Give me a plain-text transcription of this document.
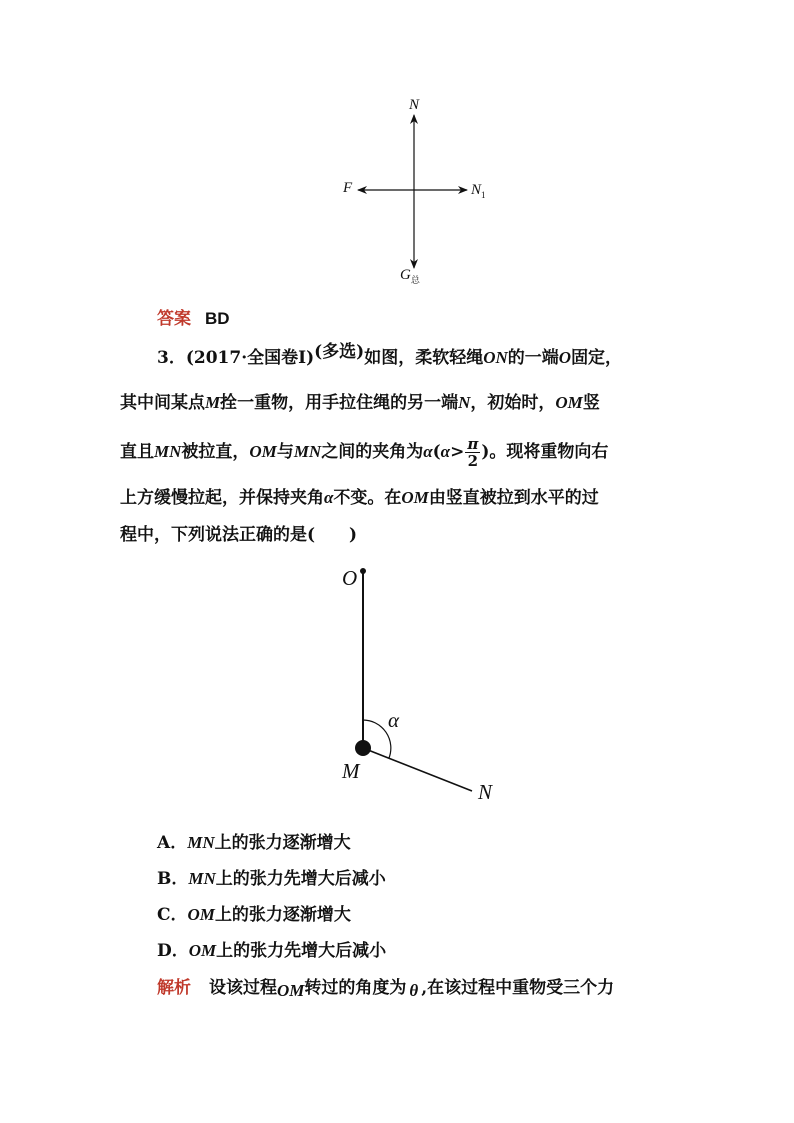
N
F	$N_1$
$G_总$
答案 BD
3．(2017·全国卷Ⅰ)(多选)如图，柔软轻绳ON的一端O固定，
其中间某点M拴一重物，用手拉住绳的另一端N，初始时，OM竖
直且MN被拉直，OM与MN之间的夹角为$\alpha(\alpha> \frac{\pi}{2}$ )。现将重物向右
上方缓慢拉起，并保持夹角α不变。在OM由竖直被拉到水平的过
程中，下列说法正确的是(　　)
O
α
M
N
A．MN上的张力逐渐增大
B．MN上的张力先增大后减小
C．OM上的张力逐渐增大
D．OM上的张力先增大后减小
解析 设该过程OM转过的角度为 θ ,在该过程中重物受三个力
